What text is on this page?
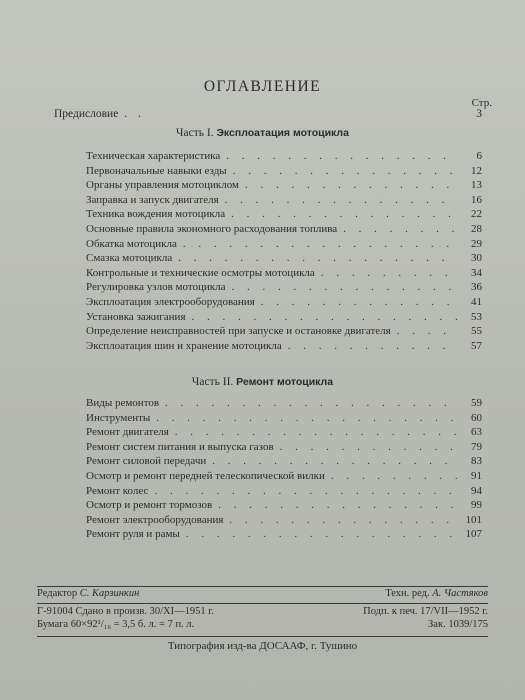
ОГЛАВЛЕНИЕ
Стр.
Предисловие . .	3
Часть I. Эксплоатация мотоцикла
Техническая характеристика . . .	6
Первоначальные навыки езды . . .	12
Органы управления мотоциклом . . .	13
Заправка и запуск двигателя . . .	16
Техника вождения мотоцикла . . .	22
Основные правила экономного расходования топлива . . .	28
Обкатка мотоцикла . . .	29
Смазка мотоцикла . . .	30
Контрольные и технические осмотры мотоцикла . . .	34
Регулировка узлов мотоцикла . . .	36
Эксплоатация электрооборудования . . .	41
Установка зажигания . . .	53
Определение неисправностей при запуске и остановке двигателя . . .	55
Эксплоатация шин и хранение мотоцикла . . .	57
Часть II. Ремонт мотоцикла
Виды ремонтов . . .	59
Инструменты . . .	60
Ремонт двигателя . . .	63
Ремонт систем питания и выпуска газов . . .	79
Ремонт силовой передачи . . .	83
Осмотр и ремонт передней телескопической вилки . . .	91
Ремонт колес . . .	94
Осмотр и ремонт тормозов . . .	99
Ремонт электрооборудования . . .	101
Ремонт руля и рамы . . .	107
Редактор С. Карзинкин	Техн. ред. А. Частяков
Г-91004 Сдано в произв. 30/XI—1951 г.	Подп. к печ. 17/VII—1952 г.
Бумага 60×92¹/₁₆ = 3,5 б. л. = 7 п. л.	Зак. 1039/175
Типография изд-ва ДОСААФ, г. Тушино
